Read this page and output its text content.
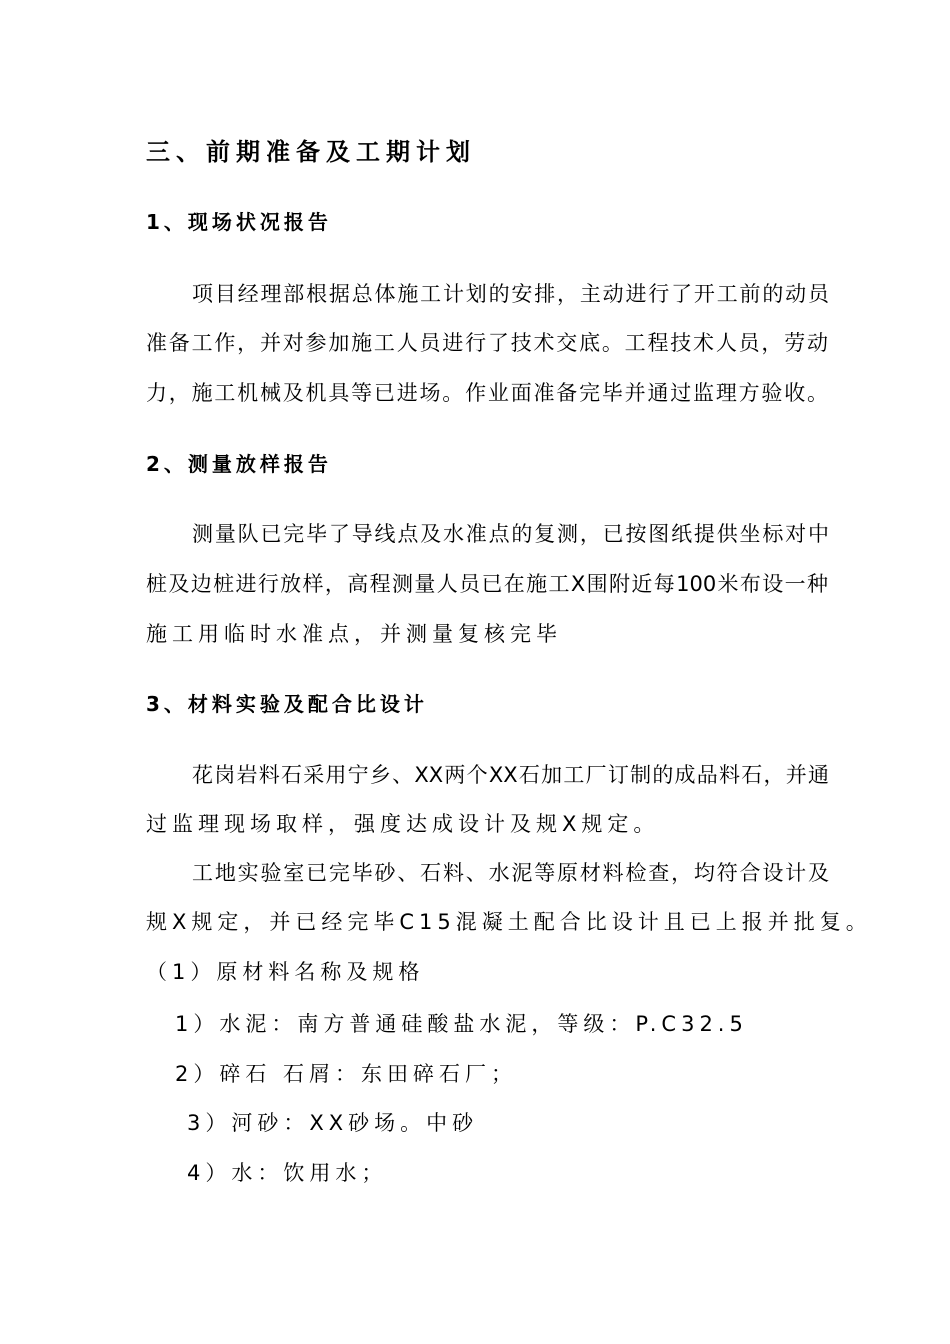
三、前期准备及工期计划
1、现场状况报告
项目经理部根据总体施工计划的安排，主动进行了开工前的动员
准备工作，并对参加施工人员进行了技术交底。工程技术人员，劳动
力，施工机械及机具等已进场。作业面准备完毕并通过监理方验收。
2、测量放样报告
测量队已完毕了导线点及水准点的复测，已按图纸提供坐标对中
桩及边桩进行放样，高程测量人员已在施工X围附近每100米布设一种
施工用临时水准点，并测量复核完毕
3、材料实验及配合比设计
花岗岩料石采用宁乡、XX两个XX石加工厂订制的成品料石，并通
过监理现场取样，强度达成设计及规X规定。
工地实验室已完毕砂、石料、水泥等原材料检查，均符合设计及
规X规定，并已经完毕C15混凝土配合比设计且已上报并批复。
（1）原材料名称及规格
1）水泥：南方普通硅酸盐水泥，等级：P.C32.5
2）碎石 石屑：东田碎石厂；
3）河砂：XX砂场。中砂
4）水：饮用水；
